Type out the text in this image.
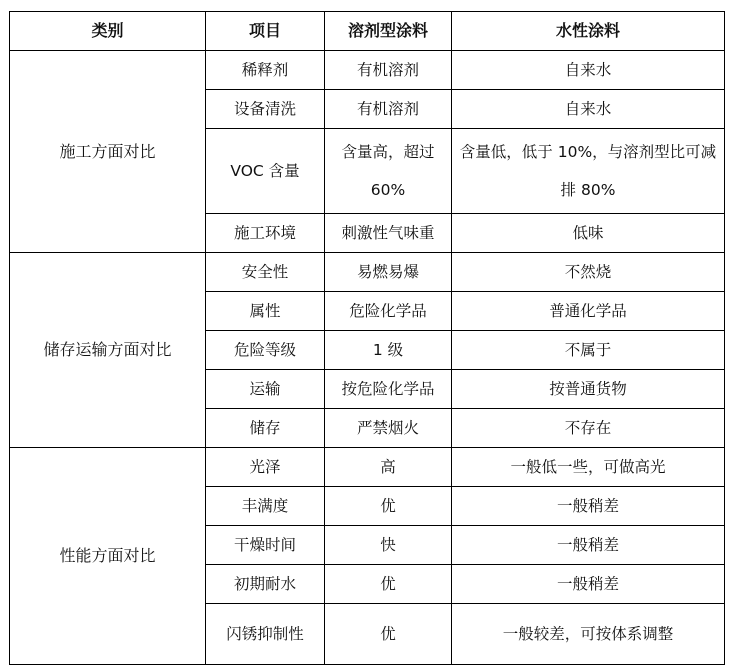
类别	项目	溶剂型涂料	水性涂料
施工方面对比	稀释剂	有机溶剂	自来水
	设备清洗	有机溶剂	自来水
	VOC 含量	含量高，超过 60%	含量低，低于 10%，与溶剂型比可减排 80%
	施工环境	刺激性气味重	低味
储存运输方面对比	安全性	易燃易爆	不然烧
	属性	危险化学品	普通化学品
	危险等级	1 级	不属于
	运输	按危险化学品	按普通货物
	储存	严禁烟火	不存在
性能方面对比	光泽	高	一般低一些，可做高光
	丰满度	优	一般稍差
	干燥时间	快	一般稍差
	初期耐水	优	一般稍差
	闪锈抑制性	优	一般较差，可按体系调整
